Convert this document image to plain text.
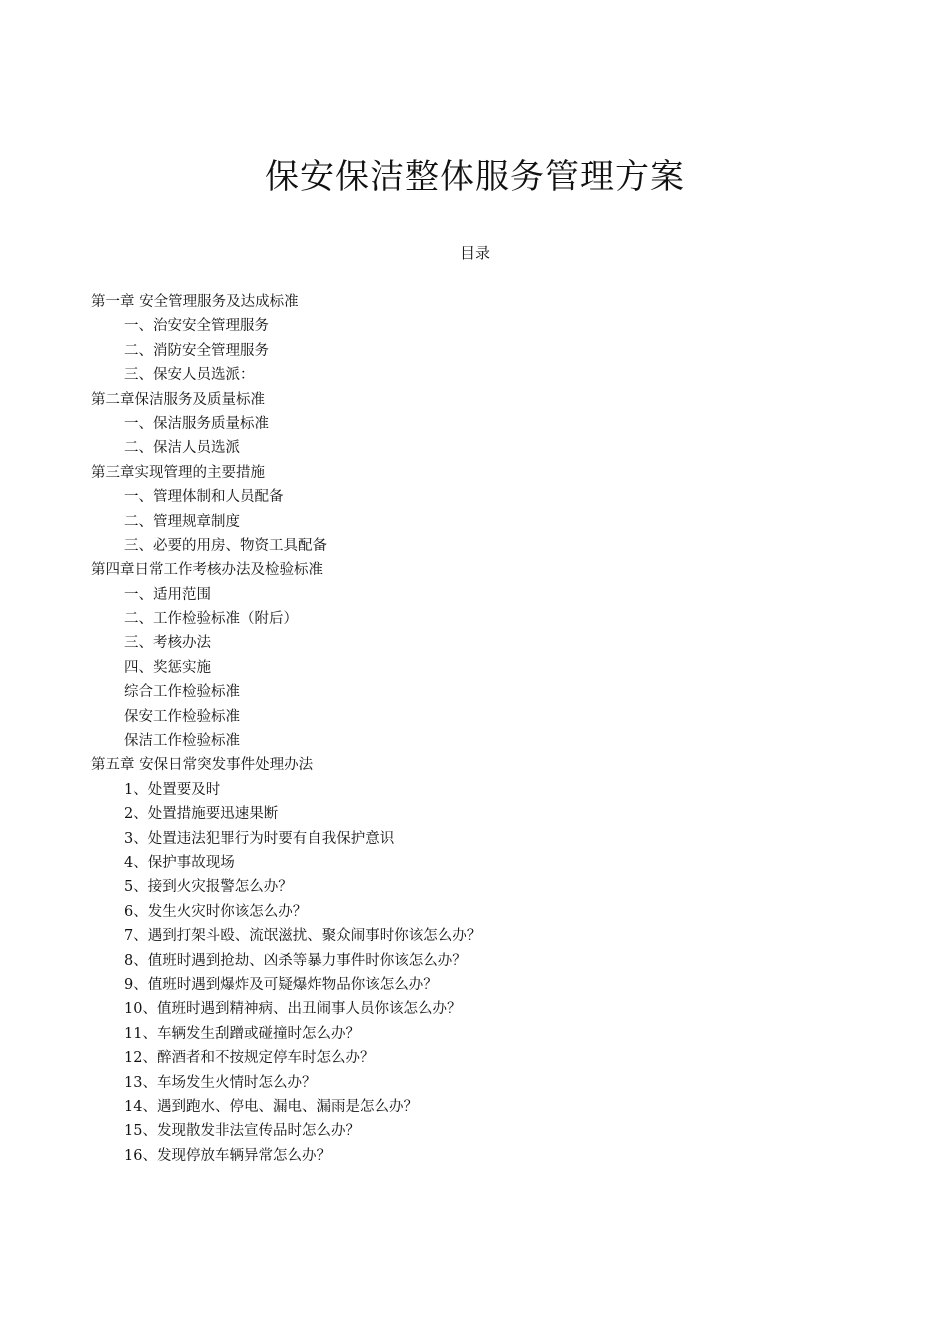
保安保洁整体服务管理方案
目录
第一章 安全管理服务及达成标准
一、治安安全管理服务
二、消防安全管理服务
三、保安人员选派：
第二章保洁服务及质量标准
一、保洁服务质量标准
二、保洁人员选派
第三章实现管理的主要措施
一、管理体制和人员配备
二、管理规章制度
三、必要的用房、物资工具配备
第四章日常工作考核办法及检验标准
一、适用范围
二、工作检验标准（附后）
三、考核办法
四、奖惩实施
综合工作检验标准
保安工作检验标准
保洁工作检验标准
第五章 安保日常突发事件处理办法
1、处置要及时
2、处置措施要迅速果断
3、处置违法犯罪行为时要有自我保护意识
4、保护事故现场
5、接到火灾报警怎么办？
6、发生火灾时你该怎么办？
7、遇到打架斗殴、流氓滋扰、聚众闹事时你该怎么办？
8、值班时遇到抢劫、凶杀等暴力事件时你该怎么办？
9、值班时遇到爆炸及可疑爆炸物品你该怎么办？
10、值班时遇到精神病、出丑闹事人员你该怎么办？
11、车辆发生刮蹭或碰撞时怎么办？
12、醉酒者和不按规定停车时怎么办？
13、车场发生火情时怎么办？
14、遇到跑水、停电、漏电、漏雨是怎么办？
15、发现散发非法宣传品时怎么办？
16、发现停放车辆异常怎么办？
